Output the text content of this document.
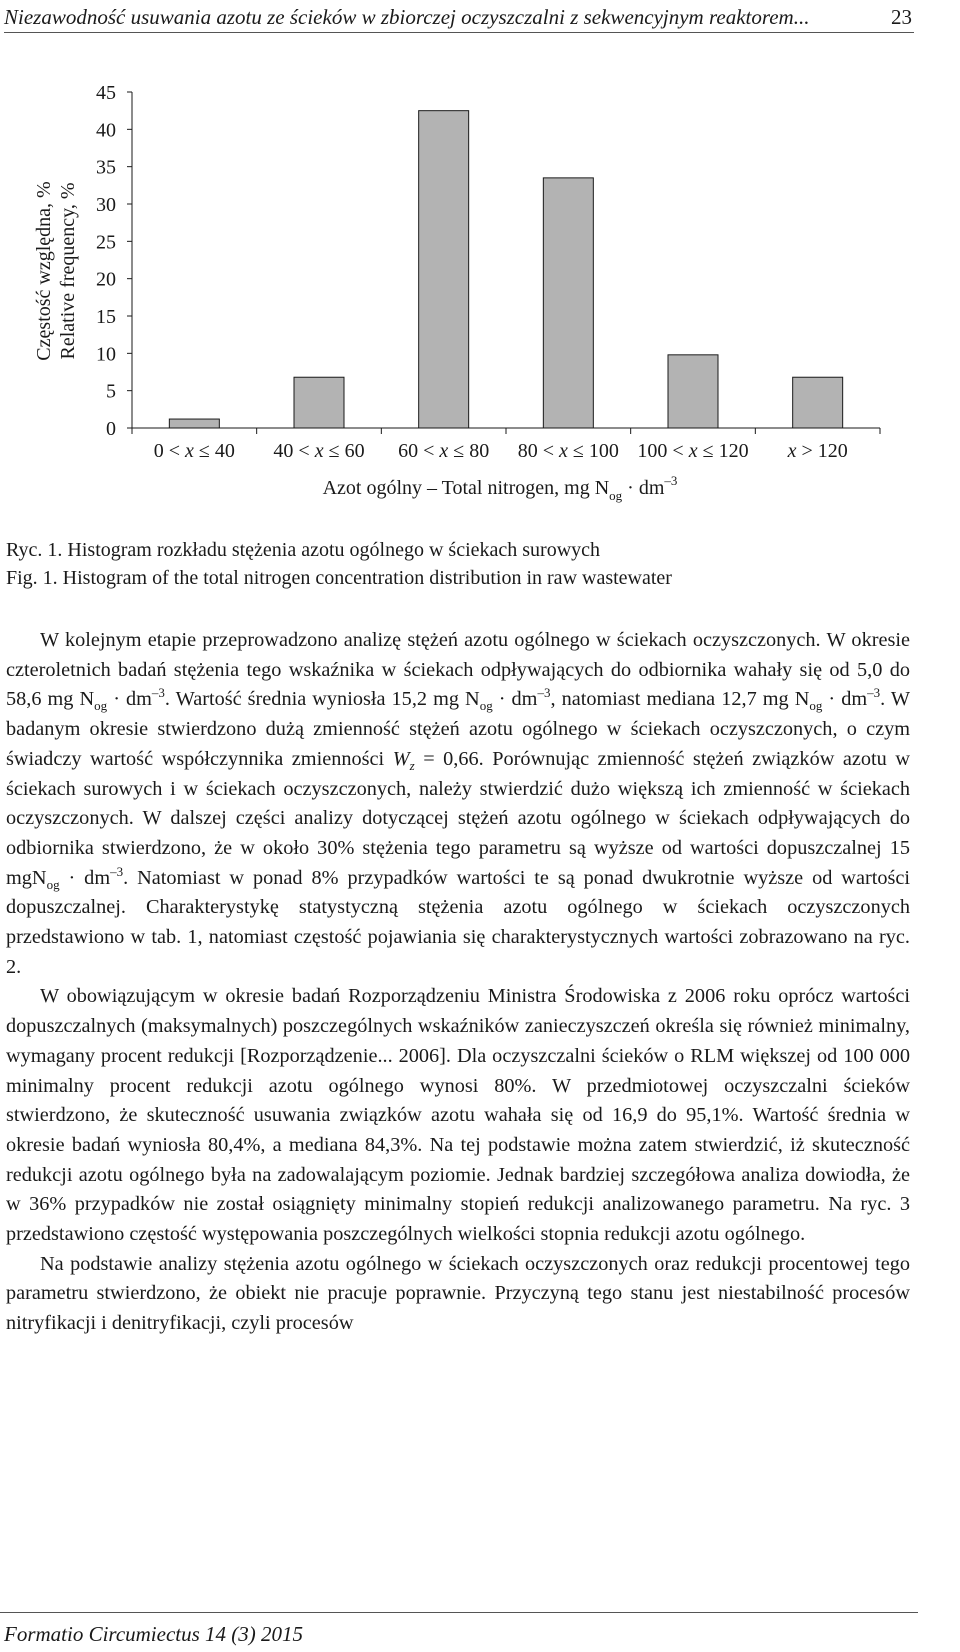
Niezawodność usuwania azotu ze ścieków w zbiorczej oczyszczalni z sekwencyjnym reaktorem...	23
Częstość względna, % Relative frequency, %
0
5
10
15
20
25
30
35
40
45
0 < x ≤ 40 40 < x ≤ 60 60 < x ≤ 80 80 < x ≤ 100 100 < x ≤ 120 x > 120
Azot ogólny – Total nitrogen, mg $N_{og} \cdot dm^{-3}$
Ryc. 1. Histogram rozkładu stężenia azotu ogólnego w ściekach surowych
Fig. 1. Histogram of the total nitrogen concentration distribution in raw wastewater

W kolejnym etapie przeprowadzono analizę stężeń azotu ogólnego w ściekach oczyszczonych. W okresie czteroletnich badań stężenia tego wskaźnika w ściekach odpływających do odbiornika wahały się od 5,0 do 58,6 mg $N_{og} \cdot dm^{-3}$. Wartość średnia wyniosła 15,2 mg $N_{og} \cdot dm^{-3}$, natomiast mediana 12,7 mg $N_{og} \cdot dm^{-3}$. W badanym okresie stwierdzono dużą zmienność stężeń azotu ogólnego w ściekach oczyszczonych, o czym świadczy wartość współczynnika zmienności $W_z = 0,66$. Porównując zmienność stężeń związków azotu w ściekach surowych i w ściekach oczyszczonych, należy stwierdzić dużo większą ich zmienność w ściekach oczyszczonych. W dalszej części analizy dotyczącej stężeń azotu ogólnego w ściekach odpływających do odbiornika stwierdzono, że w około 30% stężenia tego parametru są wyższe od wartości dopuszczalnej 15 $mgN_{og} \cdot dm^{-3}$. Natomiast w ponad 8% przypadków wartości te są ponad dwukrotnie wyższe od wartości dopuszczalnej. Charakterystykę statystyczną stężenia azotu ogólnego w ściekach oczyszczonych przedstawiono w tab. 1, natomiast częstość pojawiania się charakterystycznych wartości zobrazowano na ryc. 2.

W obowiązującym w okresie badań Rozporządzeniu Ministra Środowiska z 2006 roku oprócz wartości dopuszczalnych (maksymalnych) poszczególnych wskaźników zanieczyszczeń określa się również minimalny, wymagany procent redukcji [Rozporządzenie... 2006]. Dla oczyszczalni ścieków o RLM większej od 100 000 minimalny procent redukcji azotu ogólnego wynosi 80%. W przedmiotowej oczyszczalni ścieków stwierdzono, że skuteczność usuwania związków azotu wahała się od 16,9 do 95,1%. Wartość średnia w okresie badań wyniosła 80,4%, a mediana 84,3%. Na tej podstawie można zatem stwierdzić, iż skuteczność redukcji azotu ogólnego była na zadowalającym poziomie. Jednak bardziej szczegółowa analiza dowiodła, że w 36% przypadków nie został osiągnięty minimalny stopień redukcji analizowanego parametru. Na ryc. 3 przedstawiono częstość występowania poszczególnych wielkości stopnia redukcji azotu ogólnego.

Na podstawie analizy stężenia azotu ogólnego w ściekach oczyszczonych oraz redukcji procentowej tego parametru stwierdzono, że obiekt nie pracuje poprawnie. Przyczyną tego stanu jest niestabilność procesów nitryfikacji i denitryfikacji, czyli procesów

Formatio Circumiectus 14 (3) 2015
